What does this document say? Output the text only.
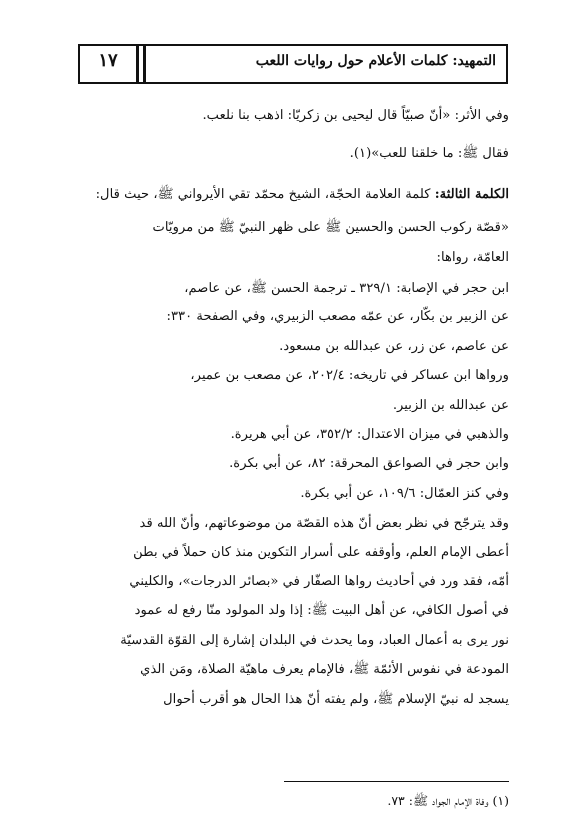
التمهيد: كلمات الأعلام حول روايات اللعب
١٧
وفي الأثر: «أنّ صبيّاً قال ليحيى بن زكريّا: اذهب بنا نلعب.
فقال ﷺ: ما خلقنا للعب»(١).
الكلمة الثالثة: كلمة العلامة الحجّة، الشيخ محمّد تقي الأيرواني ﷺ، حيث قال:
«قصّة ركوب الحسن والحسين ﷺ على ظهر النبيّ ﷺ من مرويّات
العامّة، رواها:
ابن حجر في الإصابة: ٣٢٩/١ ـ ترجمة الحسن ﷺ، عن عاصم،
عن الزبير بن بكّار، عن عمّه مصعب الزبيري، وفي الصفحة ٣٣٠:
عن عاصم، عن زر، عن عبدالله بن مسعود.
ورواها ابن عساكر في تاريخه: ٢٠٢/٤، عن مصعب بن عمير،
عن عبدالله بن الزبير.
والذهبي في ميزان الاعتدال: ٣٥٢/٢، عن أبي هريرة.
وابن حجر في الصواعق المحرقة: ٨٢، عن أبي بكرة.
وفي كنز العمّال: ١٠٩/٦، عن أبي بكرة.
وقد يترجّح في نظر بعض أنّ هذه القصّة من موضوعاتهم، وأنّ الله قد
أعطى الإمام العلم، وأوقفه على أسرار التكوين منذ كان حملاً في بطن
أمّه، فقد ورد في أحاديث رواها الصفّار في «بصائر الدرجات»، والكليني
في أصول الكافي، عن أهل البيت ﷺ: إذا ولد المولود منّا رفع له عمود
نور يرى به أعمال العباد، وما يحدث في البلدان إشارة إلى القوّة القدسيّة
المودعة في نفوس الأئمّة ﷺ، فالإمام يعرف ماهيّة الصلاة، ومَن الذي
يسجد له نبيّ الإسلام ﷺ، ولم يفته أنّ هذا الحال هو أقرب أحوال
(١) وفاة الإمام الجواد ﷺ: ٧٣.
